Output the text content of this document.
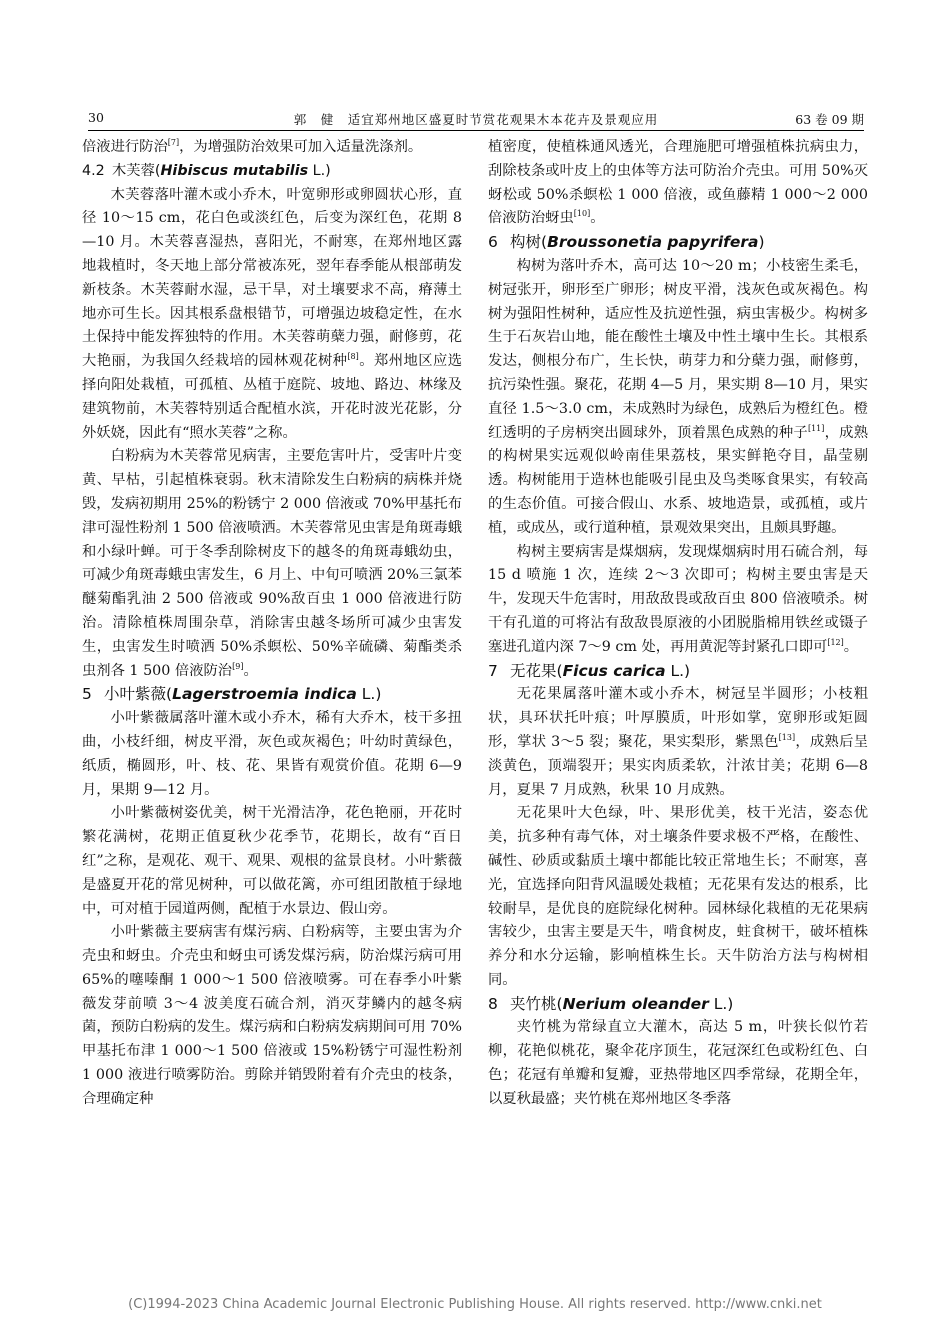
30	郭　健　适宜郑州地区盛夏时节赏花观果木本花卉及景观应用	63 卷 09 期

倍液进行防治[7]，为增强防治效果可加入适量洗涤剂。

4.2 木芙蓉(Hibiscus mutabilis L.)

木芙蓉落叶灌木或小乔木，叶宽卵形或卵圆状心形，直径 10～15 cm，花白色或淡红色，后变为深红色，花期 8—10 月。木芙蓉喜湿热，喜阳光，不耐寒，在郑州地区露地栽植时，冬天地上部分常被冻死，翌年春季能从根部萌发新枝条。木芙蓉耐水湿，忌干旱，对土壤要求不高，瘠薄土地亦可生长。因其根系盘根错节，可增强边坡稳定性，在水土保持中能发挥独特的作用。木芙蓉萌蘖力强，耐修剪，花大艳丽，为我国久经栽培的园林观花树种[8]。郑州地区应选择向阳处栽植，可孤植、丛植于庭院、坡地、路边、林缘及建筑物前，木芙蓉特别适合配植水滨，开花时波光花影，分外妖娆，因此有“照水芙蓉”之称。

白粉病为木芙蓉常见病害，主要危害叶片，受害叶片变黄、早枯，引起植株衰弱。秋末清除发生白粉病的病株并烧毁，发病初期用 25%的粉锈宁 2 000 倍液或 70%甲基托布津可湿性粉剂 1 500 倍液喷洒。木芙蓉常见虫害是角斑毒蛾和小绿叶蝉。可于冬季刮除树皮下的越冬的角斑毒蛾幼虫，可减少角斑毒蛾虫害发生，6 月上、中旬可喷洒 20%三氯苯醚菊酯乳油 2 500 倍液或 90%敌百虫 1 000 倍液进行防治。清除植株周围杂草，消除害虫越冬场所可减少虫害发生，虫害发生时喷洒 50%杀螟松、50%辛硫磷、菊酯类杀虫剂各 1 500 倍液防治[9]。

5 小叶紫薇(Lagerstroemia indica L.)

小叶紫薇属落叶灌木或小乔木，稀有大乔木，枝干多扭曲，小枝纤细，树皮平滑，灰色或灰褐色；叶幼时黄绿色，纸质，椭圆形，叶、枝、花、果皆有观赏价值。花期 6—9 月，果期 9—12 月。

小叶紫薇树姿优美，树干光滑洁净，花色艳丽，开花时繁花满树，花期正值夏秋少花季节，花期长，故有“百日红”之称，是观花、观干、观果、观根的盆景良材。小叶紫薇是盛夏开花的常见树种，可以做花篱，亦可组团散植于绿地中，可对植于园道两侧，配植于水景边、假山旁。

小叶紫薇主要病害有煤污病、白粉病等，主要虫害为介壳虫和蚜虫。介壳虫和蚜虫可诱发煤污病，防治煤污病可用 65%的噻嗪酮 1 000～1 500 倍液喷雾。可在春季小叶紫薇发芽前喷 3～4 波美度石硫合剂，消灭芽鳞内的越冬病菌，预防白粉病的发生。煤污病和白粉病发病期间可用 70%甲基托布津 1 000～1 500 倍液或 15%粉锈宁可湿性粉剂 1 000 液进行喷雾防治。剪除并销毁附着有介壳虫的枝条，合理确定种

植密度，使植株通风透光，合理施肥可增强植株抗病虫力，刮除枝条或叶皮上的虫体等方法可防治介壳虫。可用 50%灭蚜松或 50%杀螟松 1 000 倍液，或鱼藤精 1 000～2 000 倍液防治蚜虫[10]。

6 构树(Broussonetia papyrifera)

构树为落叶乔木，高可达 10～20 m；小枝密生柔毛，树冠张开，卵形至广卵形；树皮平滑，浅灰色或灰褐色。构树为强阳性树种，适应性及抗逆性强，病虫害极少。构树多生于石灰岩山地，能在酸性土壤及中性土壤中生长。其根系发达，侧根分布广，生长快，萌芽力和分蘖力强，耐修剪，抗污染性强。聚花，花期 4—5 月，果实期 8—10 月，果实直径 1.5～3.0 cm，未成熟时为绿色，成熟后为橙红色。橙红透明的子房柄突出圆球外，顶着黑色成熟的种子[11]，成熟的构树果实远观似岭南佳果荔枝，果实鲜艳夺目，晶莹剔透。构树能用于造林也能吸引昆虫及鸟类啄食果实，有较高的生态价值。可接合假山、水系、坡地造景，或孤植，或片植，或成丛，或行道种植，景观效果突出，且颇具野趣。

构树主要病害是煤烟病，发现煤烟病时用石硫合剂，每 15 d 喷施 1 次，连续 2～3 次即可；构树主要虫害是天牛，发现天牛危害时，用敌敌畏或敌百虫 800 倍液喷杀。树干有孔道的可将沾有敌敌畏原液的小团脱脂棉用铁丝或镊子塞进孔道内深 7～9 cm 处，再用黄泥等封紧孔口即可[12]。

7 无花果(Ficus carica L.)

无花果属落叶灌木或小乔木，树冠呈半圆形；小枝粗状，具环状托叶痕；叶厚膜质，叶形如掌，宽卵形或矩圆形，掌状 3～5 裂；聚花，果实梨形，紫黑色[13]，成熟后呈淡黄色，顶端裂开；果实肉质柔软，汁浓甘美；花期 6—8 月，夏果 7 月成熟，秋果 10 月成熟。

无花果叶大色绿，叶、果形优美，枝干光洁，姿态优美，抗多种有毒气体，对土壤条件要求极不严格，在酸性、碱性、砂质或黏质土壤中都能比较正常地生长；不耐寒，喜光，宜选择向阳背风温暖处栽植；无花果有发达的根系，比较耐旱，是优良的庭院绿化树种。园林绿化栽植的无花果病害较少，虫害主要是天牛，啃食树皮，蛀食树干，破坏植株养分和水分运输，影响植株生长。天牛防治方法与构树相同。

8 夹竹桃(Nerium oleander L.)

夹竹桃为常绿直立大灌木，高达 5 m，叶狭长似竹若柳，花艳似桃花，聚伞花序顶生，花冠深红色或粉红色、白色；花冠有单瓣和复瓣，亚热带地区四季常绿，花期全年，以夏秋最盛；夹竹桃在郑州地区冬季落

(C)1994-2023 China Academic Journal Electronic Publishing House. All rights reserved. http://www.cnki.net
